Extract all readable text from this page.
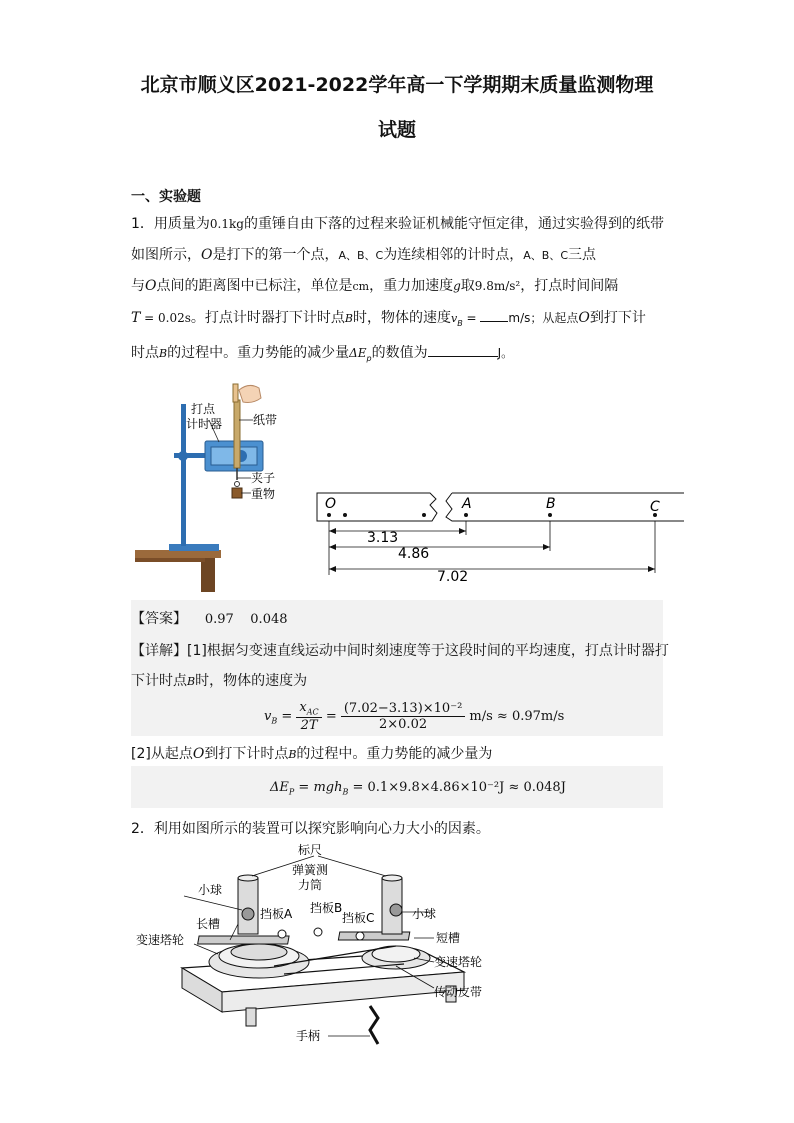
北京市顺义区2021-2022学年高一下学期期末质量监测物理
试题
一、实验题
1．用质量为0.1kg的重锤自由下落的过程来验证机械能守恒定律，通过实验得到的纸带
如图所示，O是打下的第一个点，A、B、C为连续相邻的计时点，A、B、C三点
与O点间的距离图中已标注，单位是cm，重力加速度g取9.8m/s²，打点时间间隔
T = 0.02s。打点计时器打下计时点B时，物体的速度$v_B = m/s$；从起点O到打下计
时点B的过程中。重力势能的减少量$\Delta E_p$的数值为	J。
打点
计时器	纸带
夹子
重物
O	A	B	C
3.13
4.86
7.02
【答案】 0.97    0.048
【详解】[1]根据匀变速直线运动中间时刻速度等于这段时间的平均速度，打点计时器打
下计时点B时，物体的速度为
$v_B = \frac{x_{AC}}{2T} = \frac{\text{(7.02−3.13)×10⁻²}}{2\times 0.02} m/s \approx 0.97m/s$
[2]从起点O到打下计时点B的过程中。重力势能的减少量为
$\Delta E_P = mgh_B = 0.1\times 9.8\times 4.86\times 10^{-2}J \approx 0.048J$
2．利用如图所示的装置可以探究影响向心力大小的因素。
标尺
弹簧测
力筒
小球
挡板B
挡板A	挡板C	小球
长槽
短槽
变速塔轮
变速塔轮
传动皮带
手柄
